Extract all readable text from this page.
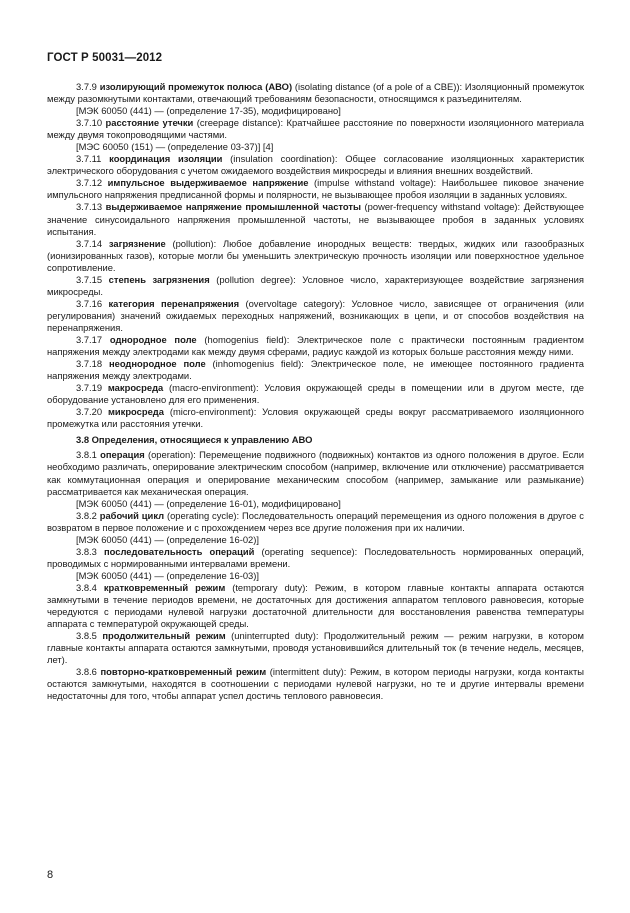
ГОСТ Р 50031—2012

3.7.9 изолирующий промежуток полюса (АВО) (isolating distance (of a pole of a CBE)): Изоляционный промежуток между разомкнутыми контактами, отвечающий требованиям безопасности, относящимся к разъединителям.

[МЭК 60050 (441) — (определение 17-35), модифицировано]

3.7.10 расстояние утечки (creepage distance): Кратчайшее расстояние по поверхности изоляционного материала между двумя токопроводящими частями.

[МЭС 60050 (151) — (определение 03-37)] [4]

3.7.11 координация изоляции (insulation coordination): Общее согласование изоляционных характеристик электрического оборудования с учетом ожидаемого воздействия микросреды и влияния внешних воздействий.

3.7.12 импульсное выдерживаемое напряжение (impulse withstand voltage): Наибольшее пиковое значение импульсного напряжения предписанной формы и полярности, не вызывающее пробоя изоляции в заданных условиях.

3.7.13 выдерживаемое напряжение промышленной частоты (power-frequency withstand voltage): Действующее значение синусоидального напряжения промышленной частоты, не вызывающее пробоя в заданных условиях испытания.

3.7.14 загрязнение (pollution): Любое добавление инородных веществ: твердых, жидких или газообразных (ионизированных газов), которые могли бы уменьшить электрическую прочность изоляции или поверхностное удельное сопротивление.

3.7.15 степень загрязнения (pollution degree): Условное число, характеризующее воздействие загрязнения микросреды.

3.7.16 категория перенапряжения (overvoltage category): Условное число, зависящее от ограничения (или регулирования) значений ожидаемых переходных напряжений, возникающих в цепи, и от способов воздействия на перенапряжения.

3.7.17 однородное поле (homogenius field): Электрическое поле с практически постоянным градиентом напряжения между электродами как между двумя сферами, радиус каждой из которых больше расстояния между ними.

3.7.18 неоднородное поле (inhomogenius field): Электрическое поле, не имеющее постоянного градиента напряжения между электродами.

3.7.19 макросреда (macro-environment): Условия окружающей среды в помещении или в другом месте, где оборудование установлено для его применения.

3.7.20 микросреда (micro-environment): Условия окружающей среды вокруг рассматриваемого изоляционного промежутка или расстояния утечки.

3.8 Определения, относящиеся к управлению АВО

3.8.1 операция (operation): Перемещение подвижного (подвижных) контактов из одного положения в другое. Если необходимо различать, оперирование электрическим способом (например, включение или отключение) рассматривается как коммутационная операция и оперирование механическим способом (например, замыкание или размыкание) рассматривается как механическая операция.

[МЭК 60050 (441) — (определение 16-01), модифицировано]

3.8.2 рабочий цикл (operating cycle): Последовательность операций перемещения из одного положения в другое с возвратом в первое положение и с прохождением через все другие положения при их наличии.

[МЭК 60050 (441) — (определение 16-02)]

3.8.3 последовательность операций (operating sequence): Последовательность нормированных операций, проводимых с нормированными интервалами времени.

[МЭК 60050 (441) — (определение 16-03)]

3.8.4 кратковременный режим (temporary duty): Режим, в котором главные контакты аппарата остаются замкнутыми в течение периодов времени, не достаточных для достижения аппаратом теплового равновесия, которые чередуются с периодами нулевой нагрузки достаточной длительности для восстановления равенства температуры аппарата с температурой окружающей среды.

3.8.5 продолжительный режим (uninterrupted duty): Продолжительный режим — режим нагрузки, в котором главные контакты аппарата остаются замкнутыми, проводя установившийся длительный ток (в течение недель, месяцев, лет).

3.8.6 повторно-кратковременный режим (intermittent duty): Режим, в котором периоды нагрузки, когда контакты остаются замкнутыми, находятся в соотношении с периодами нулевой нагрузки, но те и другие интервалы времени недостаточны для того, чтобы аппарат успел достичь теплового равновесия.

8
